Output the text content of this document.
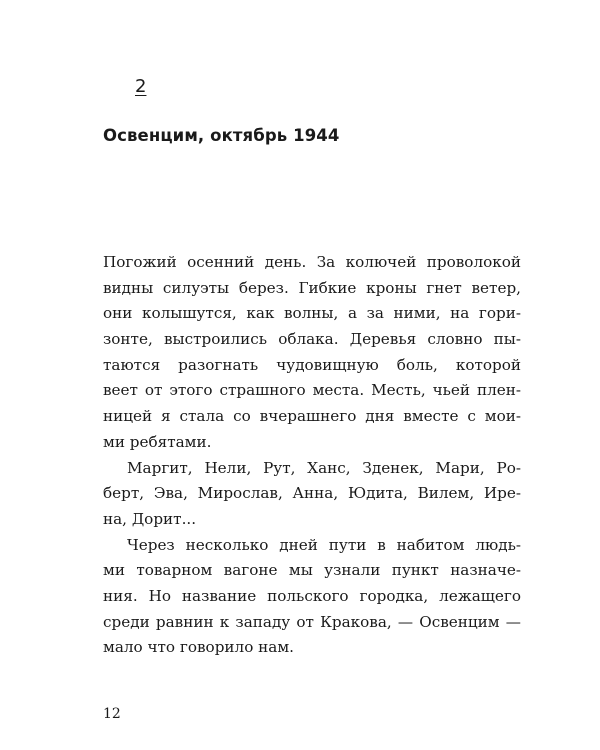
2
Освенцим, октябрь 1944
Погожий осенний день. За колючей проволокой
видны силуэты берез. Гибкие кроны гнет ветер,
они колышутся, как волны, а за ними, на гори-
зонте, выстроились облака. Деревья словно пы-
таются разогнать чудовищную боль, которой
веет от этого страшного места. Месть, чьей плен-
ницей я стала со вчерашнего дня вместе с мои-
ми ребятами.
Маргит, Нели, Рут, Ханс, Зденек, Мари, Ро-
берт, Эва, Мирослав, Анна, Юдита, Вилем, Ире-
на, Дорит...
Через несколько дней пути в набитом людь-
ми товарном вагоне мы узнали пункт назначе-
ния. Но название польского городка, лежащего
среди равнин к западу от Кракова, — Освенцим —
мало что говорило нам.
12
